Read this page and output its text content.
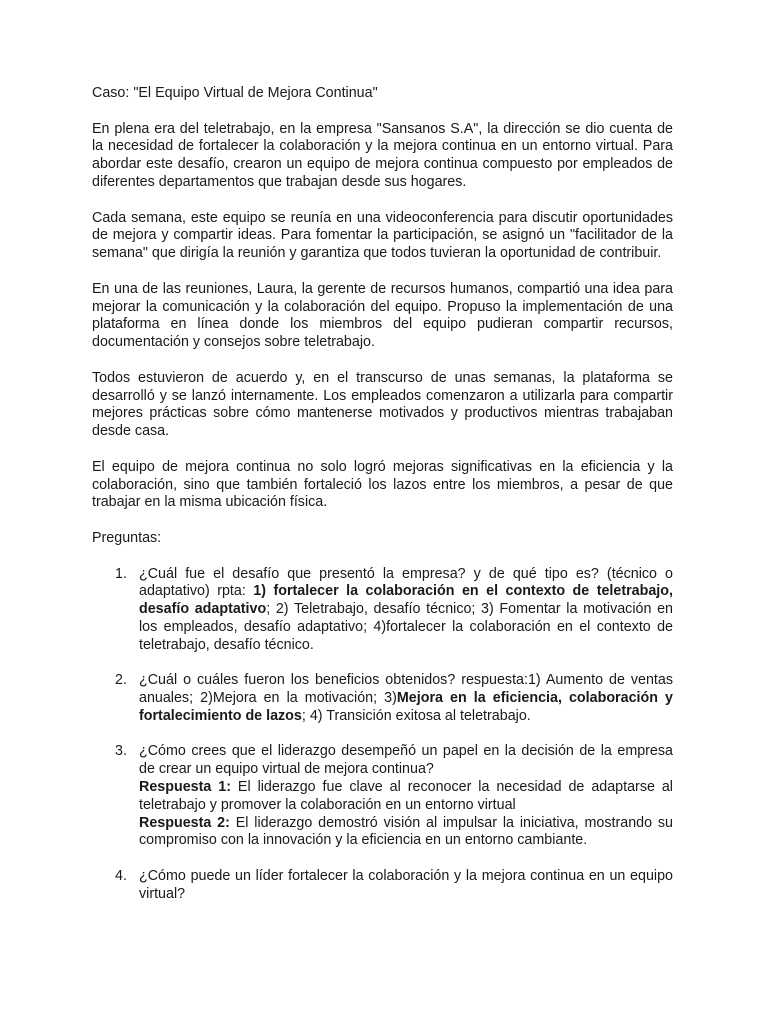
Caso: "El Equipo Virtual de Mejora Continua"

En plena era del teletrabajo, en la empresa "Sansanos S.A", la dirección se dio cuenta de la necesidad de fortalecer la colaboración y la mejora continua en un entorno virtual. Para abordar este desafío, crearon un equipo de mejora continua compuesto por empleados de diferentes departamentos que trabajan desde sus hogares.

Cada semana, este equipo se reunía en una videoconferencia para discutir oportunidades de mejora y compartir ideas. Para fomentar la participación, se asignó un "facilitador de la semana" que dirigía la reunión y garantiza que todos tuvieran la oportunidad de contribuir.

En una de las reuniones, Laura, la gerente de recursos humanos, compartió una idea para mejorar la comunicación y la colaboración del equipo. Propuso la implementación de una plataforma en línea donde los miembros del equipo pudieran compartir recursos, documentación y consejos sobre teletrabajo.

Todos estuvieron de acuerdo y, en el transcurso de unas semanas, la plataforma se desarrolló y se lanzó internamente. Los empleados comenzaron a utilizarla para compartir mejores prácticas sobre cómo mantenerse motivados y productivos mientras trabajaban desde casa.

El equipo de mejora continua no solo logró mejoras significativas en la eficiencia y la colaboración, sino que también fortaleció los lazos entre los miembros, a pesar de que trabajar en la misma ubicación física.

Preguntas:

1. ¿Cuál fue el desafío que presentó la empresa? y de qué tipo es? (técnico o adaptativo) rpta: 1) fortalecer la colaboración en el contexto de teletrabajo, desafío adaptativo; 2) Teletrabajo, desafío técnico; 3) Fomentar la motivación en los empleados, desafío adaptativo; 4)fortalecer la colaboración en el contexto de teletrabajo, desafío técnico.
2. ¿Cuál o cuáles fueron los beneficios obtenidos? respuesta:1) Aumento de ventas anuales; 2)Mejora en la motivación; 3)Mejora en la eficiencia, colaboración y fortalecimiento de lazos; 4) Transición exitosa al teletrabajo.
3. ¿Cómo crees que el liderazgo desempeñó un papel en la decisión de la empresa de crear un equipo virtual de mejora continua?
Respuesta 1: El liderazgo fue clave al reconocer la necesidad de adaptarse al teletrabajo y promover la colaboración en un entorno virtual
Respuesta 2: El liderazgo demostró visión al impulsar la iniciativa, mostrando su compromiso con la innovación y la eficiencia en un entorno cambiante.
4. ¿Cómo puede un líder fortalecer la colaboración y la mejora continua en un equipo virtual?
